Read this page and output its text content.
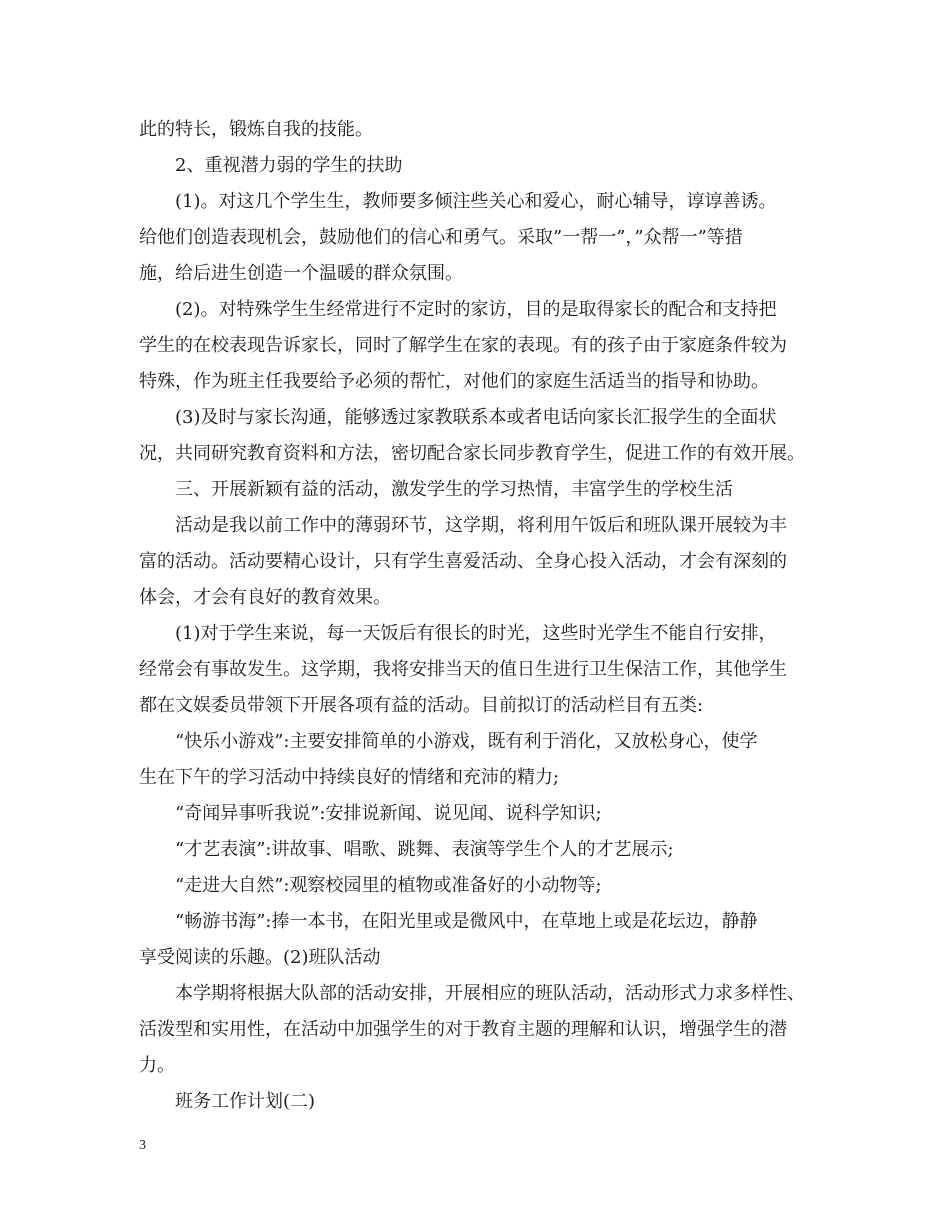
此的特长，锻炼自我的技能。
2、重视潜力弱的学生的扶助
(1)。对这几个学生生，教师要多倾注些关心和爱心，耐心辅导，谆谆善诱。
给他们创造表现机会，鼓励他们的信心和勇气。采取”一帮一”，”众帮一”等措
施，给后进生创造一个温暖的群众氛围。
(2)。对特殊学生生经常进行不定时的家访，目的是取得家长的配合和支持把
学生的在校表现告诉家长，同时了解学生在家的表现。有的孩子由于家庭条件较为
特殊，作为班主任我要给予必须的帮忙，对他们的家庭生活适当的指导和协助。
(3)及时与家长沟通，能够透过家教联系本或者电话向家长汇报学生的全面状
况，共同研究教育资料和方法，密切配合家长同步教育学生，促进工作的有效开展。
三、开展新颖有益的活动，激发学生的学习热情，丰富学生的学校生活
活动是我以前工作中的薄弱环节，这学期，将利用午饭后和班队课开展较为丰
富的活动。活动要精心设计，只有学生喜爱活动、全身心投入活动，才会有深刻的
体会，才会有良好的教育效果。
(1)对于学生来说，每一天饭后有很长的时光，这些时光学生不能自行安排，
经常会有事故发生。这学期，我将安排当天的值日生进行卫生保洁工作，其他学生
都在文娱委员带领下开展各项有益的活动。目前拟订的活动栏目有五类:
“快乐小游戏”:主要安排简单的小游戏，既有利于消化，又放松身心，使学
生在下午的学习活动中持续良好的情绪和充沛的精力;
“奇闻异事听我说”:安排说新闻、说见闻、说科学知识;
“才艺表演”:讲故事、唱歌、跳舞、表演等学生个人的才艺展示;
“走进大自然”:观察校园里的植物或准备好的小动物等;
“畅游书海”:捧一本书，在阳光里或是微风中，在草地上或是花坛边，静静
享受阅读的乐趣。(2)班队活动
本学期将根据大队部的活动安排，开展相应的班队活动，活动形式力求多样性、
活泼型和实用性，在活动中加强学生的对于教育主题的理解和认识，增强学生的潜
力。
班务工作计划(二)
3
